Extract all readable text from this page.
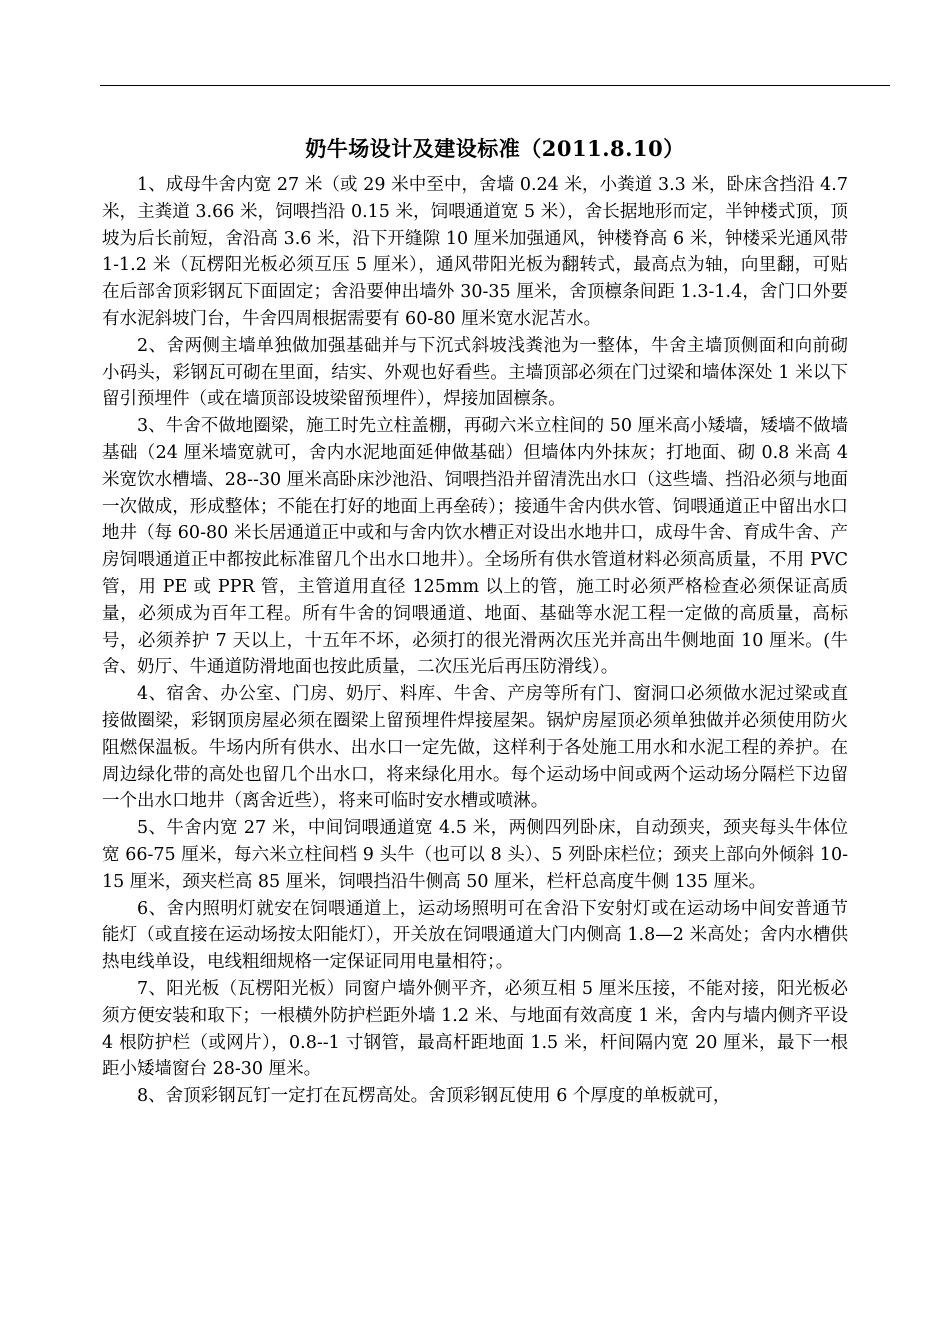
奶牛场设计及建设标准（2011.8.10）

1、成母牛舍内宽 27 米（或 29 米中至中，舍墙 0.24 米，小粪道 3.3 米，卧床含挡沿 4.7 米，主粪道 3.66 米，饲喂挡沿 0.15 米，饲喂通道宽 5 米），舍长据地形而定，半钟楼式顶，顶坡为后长前短，舍沿高 3.6 米，沿下开缝隙 10 厘米加强通风，钟楼脊高 6 米，钟楼采光通风带 1-1.2 米（瓦楞阳光板必须互压 5 厘米），通风带阳光板为翻转式，最高点为轴，向里翻，可贴在后部舍顶彩钢瓦下面固定；舍沿要伸出墙外 30-35 厘米，舍顶檩条间距 1.3-1.4，舍门口外要有水泥斜坡门台，牛舍四周根据需要有 60-80 厘米宽水泥苫水。

2、舍两侧主墙单独做加强基础并与下沉式斜坡浅粪池为一整体，牛舍主墙顶侧面和向前砌小码头，彩钢瓦可砌在里面，结实、外观也好看些。主墙顶部必须在门过梁和墙体深处 1 米以下留引预埋件（或在墙顶部设坡梁留预埋件），焊接加固檩条。

3、牛舍不做地圈梁，施工时先立柱盖棚，再砌六米立柱间的 50 厘米高小矮墙，矮墙不做墙基础（24 厘米墙宽就可，舍内水泥地面延伸做基础）但墙体内外抹灰；打地面、砌 0.8 米高 4 米宽饮水槽墙、28--30 厘米高卧床沙池沿、饲喂挡沿并留清洗出水口（这些墙、挡沿必须与地面一次做成，形成整体；不能在打好的地面上再垒砖）；接通牛舍内供水管、饲喂通道正中留出水口地井（每 60-80 米长居通道正中或和与舍内饮水槽正对设出水地井口，成母牛舍、育成牛舍、产房饲喂通道正中都按此标准留几个出水口地井）。全场所有供水管道材料必须高质量，不用 PVC 管，用 PE 或 PPR 管，主管道用直径 125mm 以上的管，施工时必须严格检查必须保证高质量，必须成为百年工程。所有牛舍的饲喂通道、地面、基础等水泥工程一定做的高质量，高标号，必须养护 7 天以上，十五年不坏，必须打的很光滑两次压光并高出牛侧地面 10 厘米。(牛舍、奶厅、牛通道防滑地面也按此质量，二次压光后再压防滑线）。

4、宿舍、办公室、门房、奶厅、料库、牛舍、产房等所有门、窗洞口必须做水泥过梁或直接做圈梁，彩钢顶房屋必须在圈梁上留预埋件焊接屋架。锅炉房屋顶必须单独做并必须使用防火阻燃保温板。牛场内所有供水、出水口一定先做，这样利于各处施工用水和水泥工程的养护。在周边绿化带的高处也留几个出水口，将来绿化用水。每个运动场中间或两个运动场分隔栏下边留一个出水口地井（离舍近些），将来可临时安水槽或喷淋。

5、牛舍内宽 27 米，中间饲喂通道宽 4.5 米，两侧四列卧床，自动颈夹，颈夹每头牛体位宽 66-75 厘米，每六米立柱间档 9 头牛（也可以 8 头）、5 列卧床栏位；颈夹上部向外倾斜 10-15 厘米，颈夹栏高 85 厘米，饲喂挡沿牛侧高 50 厘米，栏杆总高度牛侧 135 厘米。

6、舍内照明灯就安在饲喂通道上，运动场照明可在舍沿下安射灯或在运动场中间安普通节能灯（或直接在运动场按太阳能灯），开关放在饲喂通道大门内侧高 1.8—2 米高处；舍内水槽供热电线单设，电线粗细规格一定保证同用电量相符；。

7、阳光板（瓦楞阳光板）同窗户墙外侧平齐，必须互相 5 厘米压接，不能对接，阳光板必须方便安装和取下；一根横外防护栏距外墙 1.2 米、与地面有效高度 1 米，舍内与墙内侧齐平设 4 根防护栏（或网片），0.8--1 寸钢管，最高杆距地面 1.5 米，杆间隔内宽 20 厘米，最下一根距小矮墙窗台 28-30 厘米。

8、舍顶彩钢瓦钉一定打在瓦楞高处。舍顶彩钢瓦使用 6 个厚度的单板就可，
